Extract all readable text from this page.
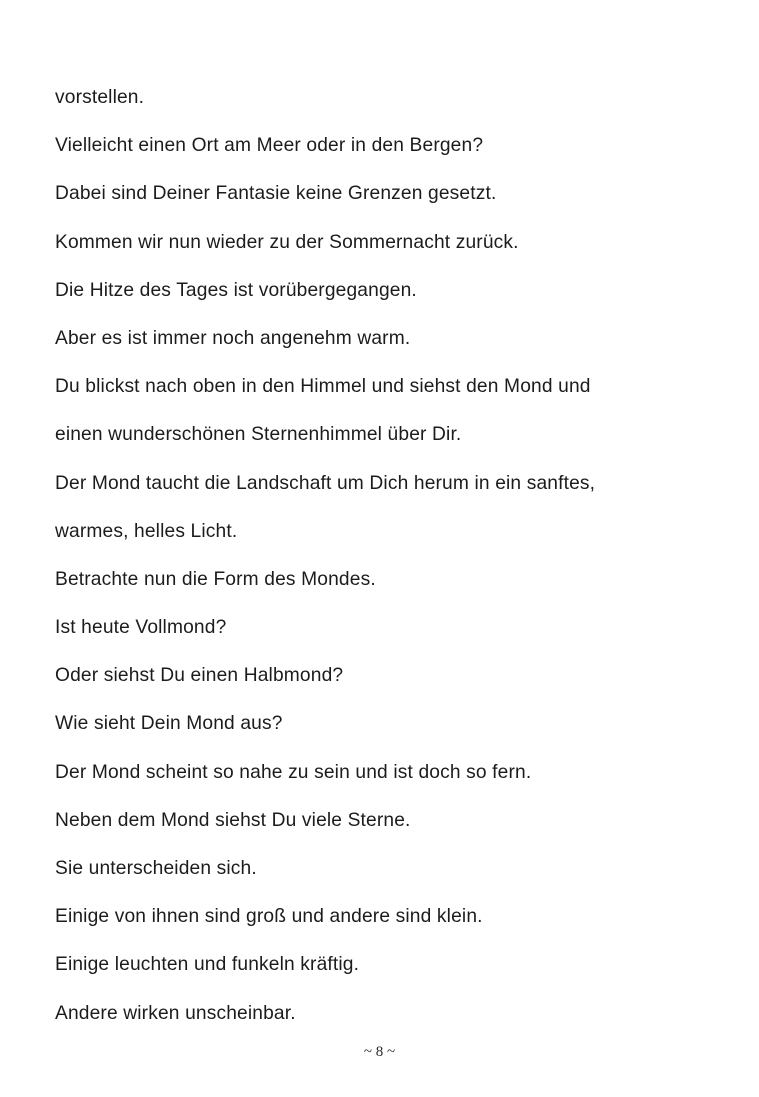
vorstellen.
Vielleicht einen Ort am Meer oder in den Bergen?
Dabei sind Deiner Fantasie keine Grenzen gesetzt.
Kommen wir nun wieder zu der Sommernacht zurück.
Die Hitze des Tages ist vorübergegangen.
Aber es ist immer noch angenehm warm.
Du blickst nach oben in den Himmel und siehst den Mond und
einen wunderschönen Sternenhimmel über Dir.
Der Mond taucht die Landschaft um Dich herum in ein sanftes,
warmes, helles Licht.
Betrachte nun die Form des Mondes.
Ist heute Vollmond?
Oder siehst Du einen Halbmond?
Wie sieht Dein Mond aus?
Der Mond scheint so nahe zu sein und ist doch so fern.
Neben dem Mond siehst Du viele Sterne.
Sie unterscheiden sich.
Einige von ihnen sind groß und andere sind klein.
Einige leuchten und funkeln kräftig.
Andere wirken unscheinbar.
~ 8 ~
